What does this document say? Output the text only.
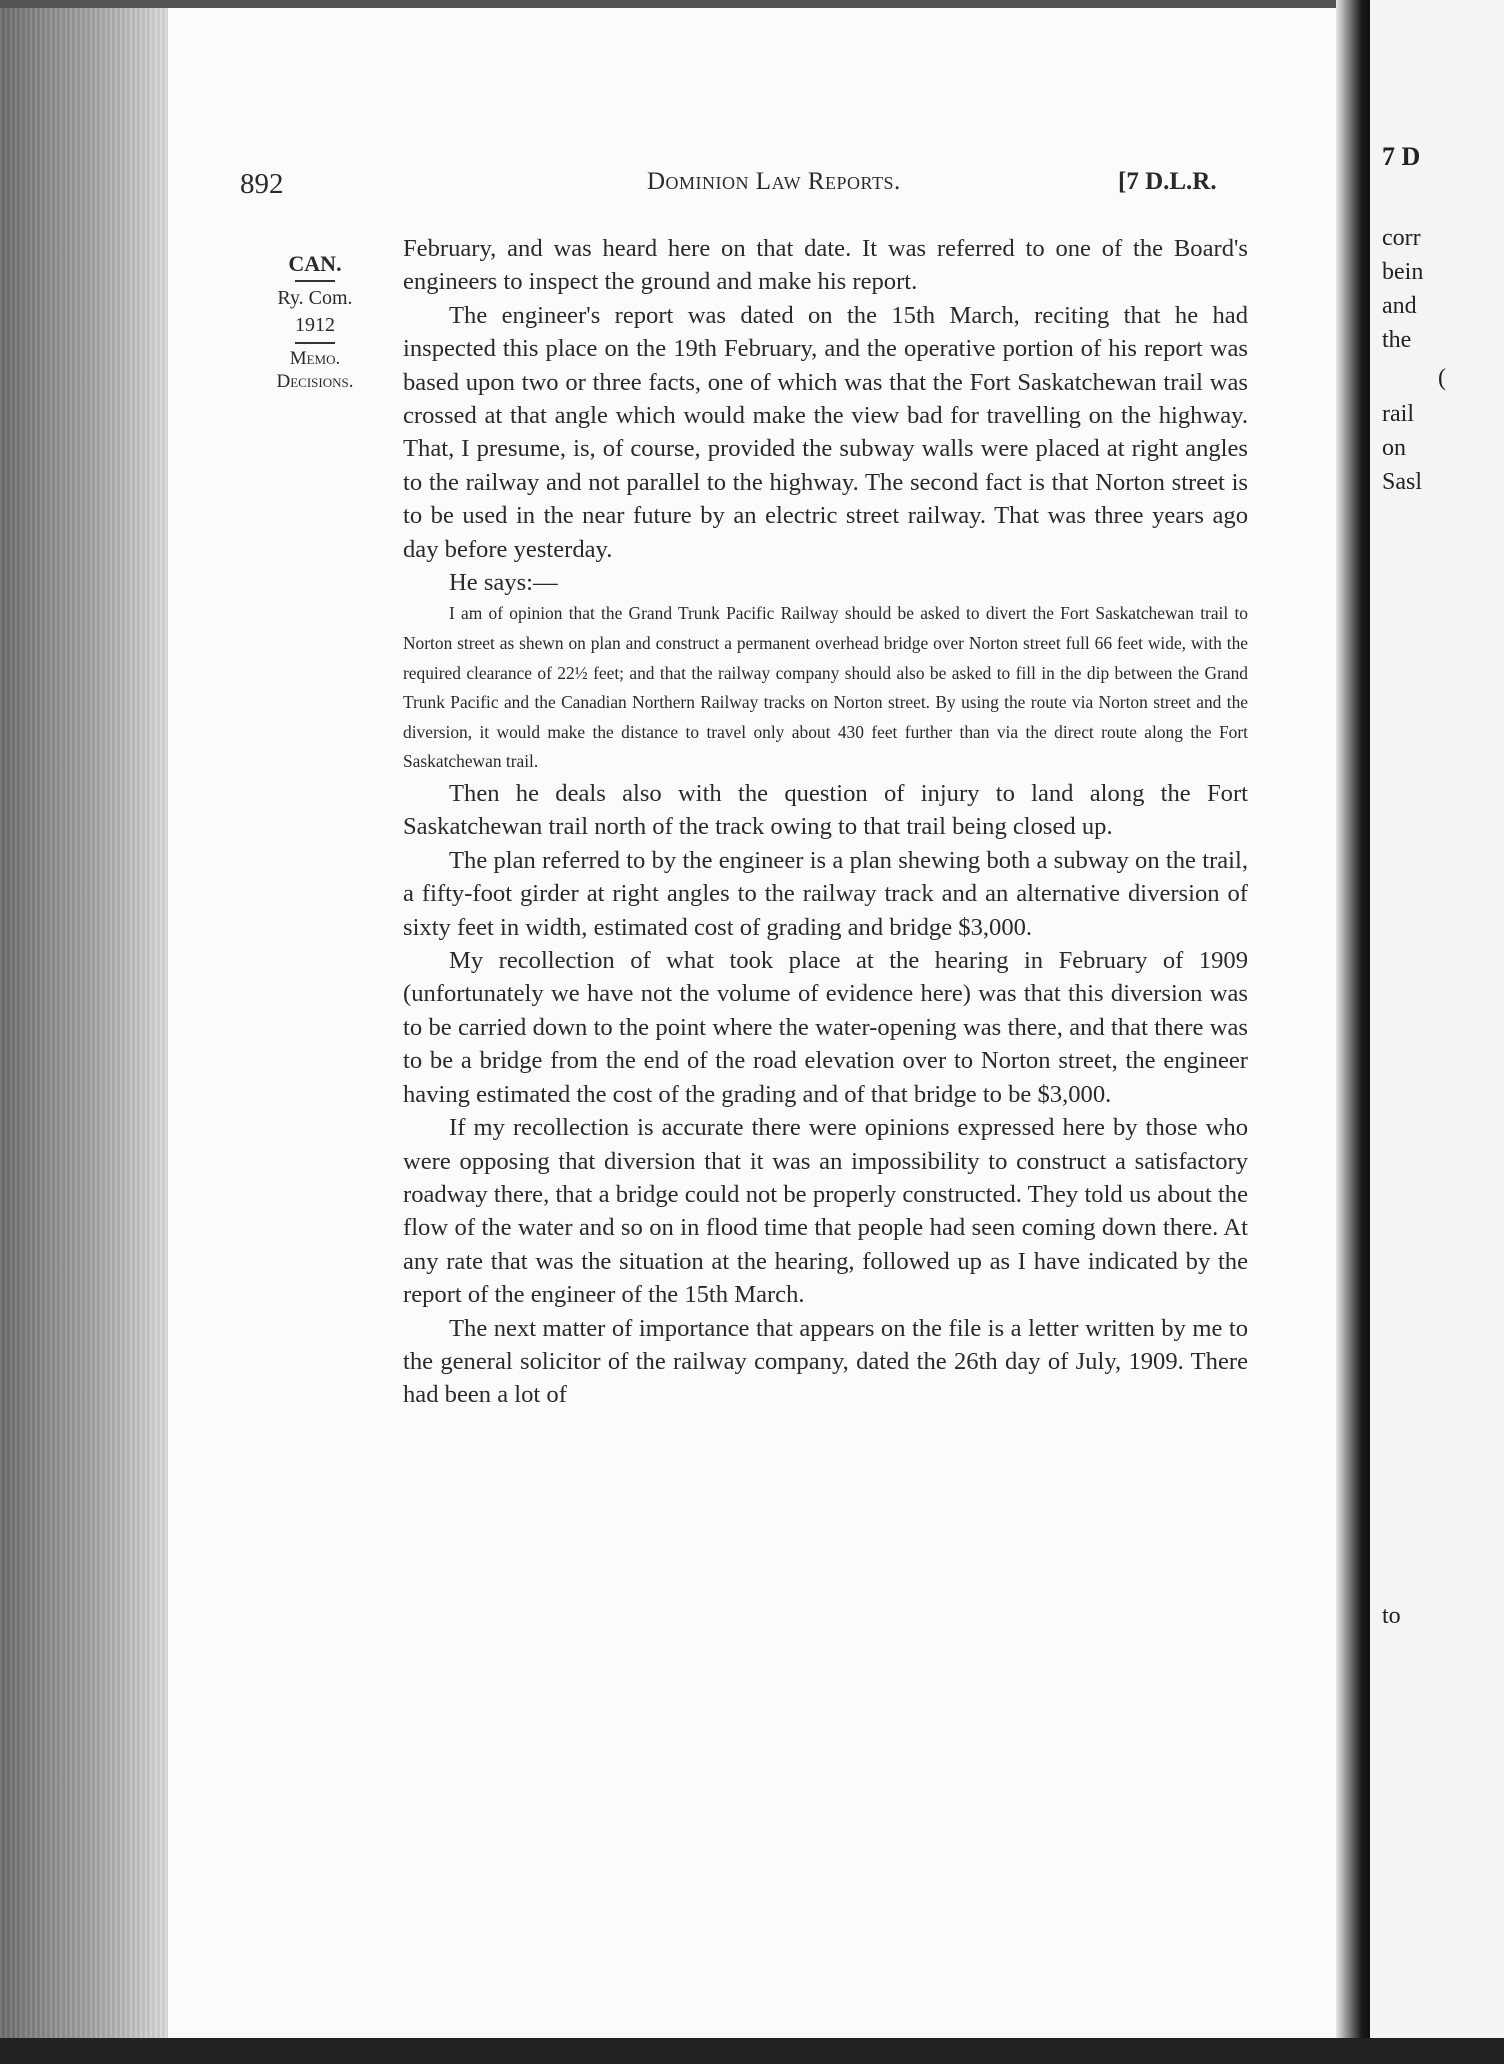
7 D
corr
bein
and
the
(
rail
on
Sasl
to
892	Dominion Law Reports.	[7 D.L.R.
CAN.
Ry. Com.
1912
Memo.
Decisions.

February, and was heard here on that date. It was referred to one of the Board's engineers to inspect the ground and make his report.

The engineer's report was dated on the 15th March, reciting that he had inspected this place on the 19th February, and the operative portion of his report was based upon two or three facts, one of which was that the Fort Saskatchewan trail was crossed at that angle which would make the view bad for travelling on the highway. That, I presume, is, of course, provided the subway walls were placed at right angles to the railway and not parallel to the highway. The second fact is that Norton street is to be used in the near future by an electric street railway. That was three years ago day before yesterday.

He says:—

I am of opinion that the Grand Trunk Pacific Railway should be asked to divert the Fort Saskatchewan trail to Norton street as shewn on plan and construct a permanent overhead bridge over Norton street full 66 feet wide, with the required clearance of 22½ feet; and that the railway company should also be asked to fill in the dip between the Grand Trunk Pacific and the Canadian Northern Railway tracks on Norton street. By using the route via Norton street and the diversion, it would make the distance to travel only about 430 feet further than via the direct route along the Fort Saskatchewan trail.

Then he deals also with the question of injury to land along the Fort Saskatchewan trail north of the track owing to that trail being closed up.

The plan referred to by the engineer is a plan shewing both a subway on the trail, a fifty-foot girder at right angles to the railway track and an alternative diversion of sixty feet in width, estimated cost of grading and bridge $3,000.

My recollection of what took place at the hearing in February of 1909 (unfortunately we have not the volume of evidence here) was that this diversion was to be carried down to the point where the water-opening was there, and that there was to be a bridge from the end of the road elevation over to Norton street, the engineer having estimated the cost of the grading and of that bridge to be $3,000.

If my recollection is accurate there were opinions expressed here by those who were opposing that diversion that it was an impossibility to construct a satisfactory roadway there, that a bridge could not be properly constructed. They told us about the flow of the water and so on in flood time that people had seen coming down there. At any rate that was the situation at the hearing, followed up as I have indicated by the report of the engineer of the 15th March.

The next matter of importance that appears on the file is a letter written by me to the general solicitor of the railway company, dated the 26th day of July, 1909. There had been a lot of
